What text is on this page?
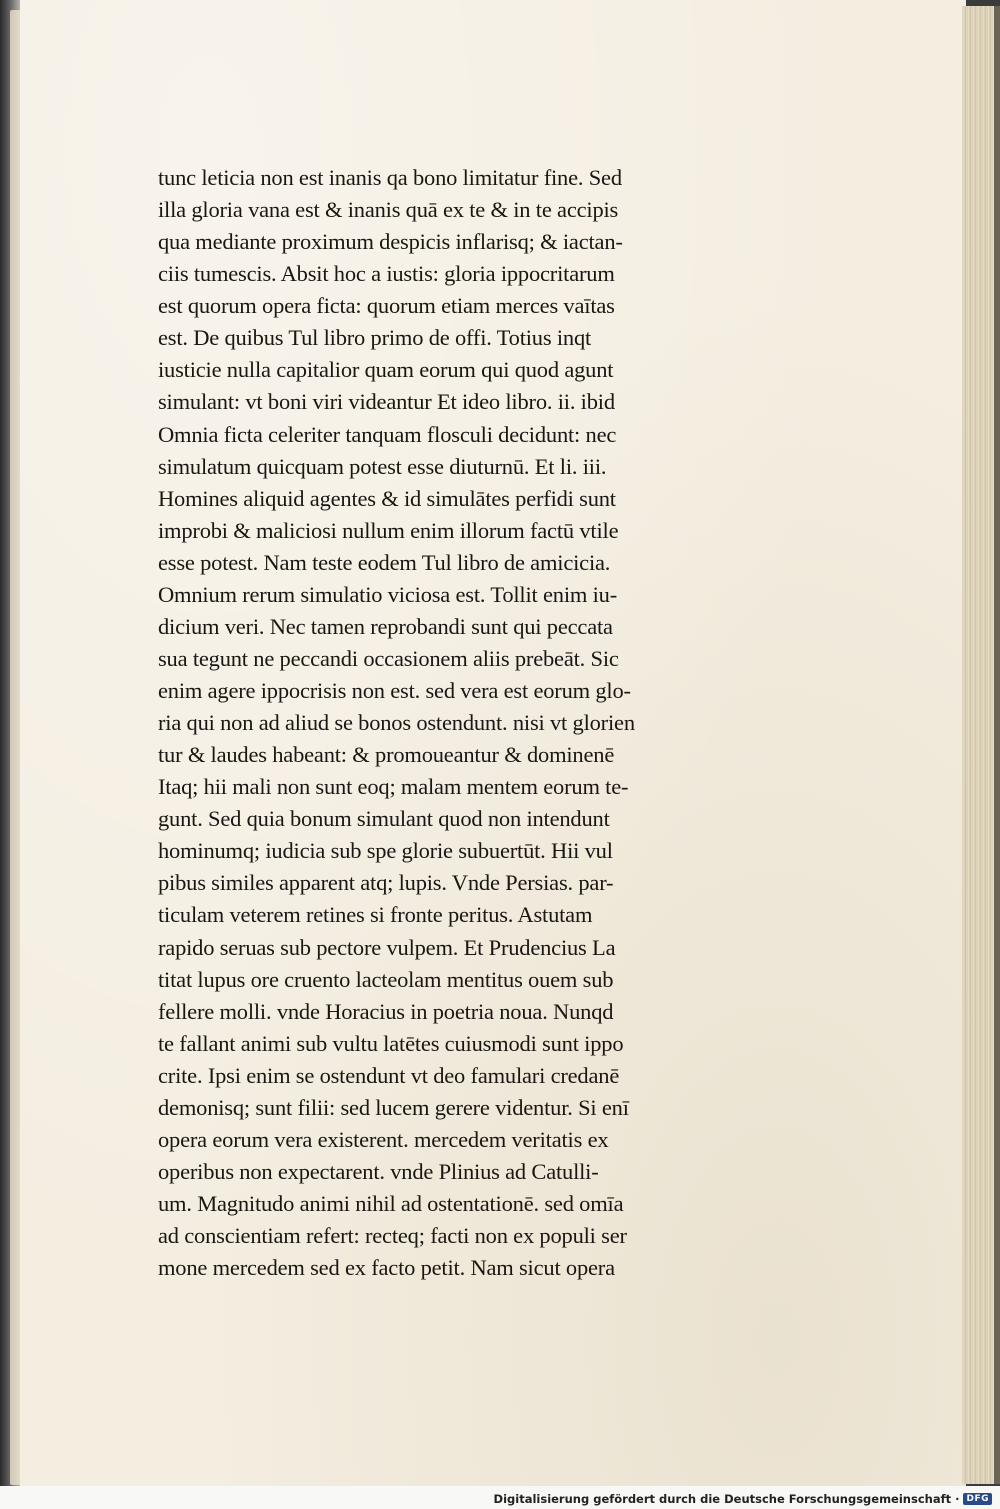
tunc leticia non est inanis qa bono limitatur fine. Sed
illa gloria vana est & inanis quā ex te & in te accipis
qua mediante proximum despicis inflarisq; & iactan-
ciis tumescis. Absit hoc a iustis: gloria ippocritarum
est quorum opera ficta: quorum etiam merces vaītas
est. De quibus Tul libro primo de offi. Totius inqt
iusticie nulla capitalior quam eorum qui quod agunt
simulant: vt boni viri videantur Et ideo libro. ii. ibid
Omnia ficta celeriter tanquam flosculi decidunt: nec
simulatum quicquam potest esse diuturnū. Et li. iii.
Homines aliquid agentes & id simulātes perfidi sunt
improbi & maliciosi nullum enim illorum factū vtile
esse potest. Nam teste eodem Tul libro de amicicia.
Omnium rerum simulatio viciosa est. Tollit enim iu-
dicium veri. Nec tamen reprobandi sunt qui peccata
sua tegunt ne peccandi occasionem aliis prebeāt. Sic
enim agere ippocrisis non est. sed vera est eorum glo-
ria qui non ad aliud se bonos ostendunt. nisi vt glorien
tur & laudes habeant: & promoueantur & dominenē
Itaq; hii mali non sunt eoq; malam mentem eorum te-
gunt. Sed quia bonum simulant quod non intendunt
hominumq; iudicia sub spe glorie subuertūt. Hii vul
pibus similes apparent atq; lupis. Vnde Persias. par-
ticulam veterem retines si fronte peritus. Astutam
rapido seruas sub pectore vulpem. Et Prudencius La
titat lupus ore cruento lacteolam mentitus ouem sub
fellere molli. vnde Horacius in poetria noua. Nunqd
te fallant animi sub vultu latētes cuiusmodi sunt ippo
crite. Ipsi enim se ostendunt vt deo famulari credanē
demonisq; sunt filii: sed lucem gerere videntur. Si enī
opera eorum vera existerent. mercedem veritatis ex
operibus non expectarent. vnde Plinius ad Catulli-
um. Magnitudo animi nihil ad ostentationē. sed omīa
ad conscientiam refert: recteq; facti non ex populi ser
mone mercedem sed ex facto petit. Nam sicut opera
Digitalisierung gefördert durch die Deutsche Forschungsgemeinschaft · DFG
